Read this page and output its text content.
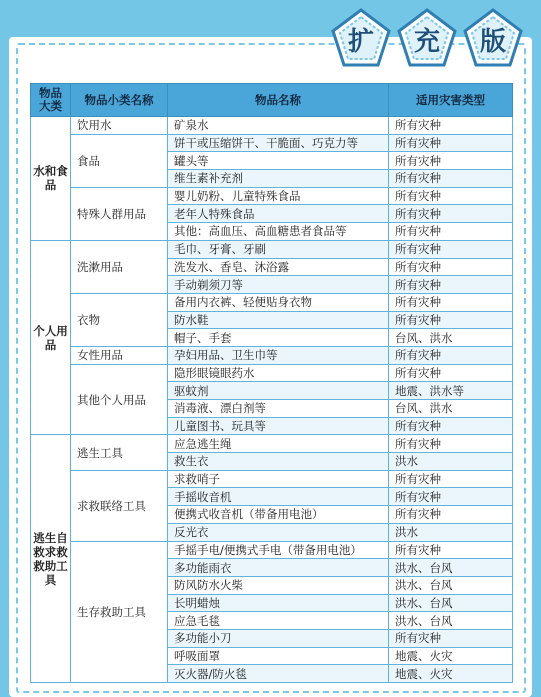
扩	充	版
物品大类	物品小类名称	物品名称	适用灾害类型
水和食品	饮用水	矿泉水	所有灾种
	食品	饼干或压缩饼干、干脆面、巧克力等	所有灾种
		罐头等	所有灾种
		维生素补充剂	所有灾种
	特殊人群用品	婴儿奶粉、儿童特殊食品	所有灾种
		老年人特殊食品	所有灾种
		其他：高血压、高血糖患者食品等	所有灾种
个人用品	洗漱用品	毛巾、牙膏、牙刷	所有灾种
		洗发水、香皂、沐浴露	所有灾种
		手动剃须刀等	所有灾种
	衣物	备用内衣裤、轻便贴身衣物	所有灾种
		防水鞋	所有灾种
		帽子、手套	台风、洪水
	女性用品	孕妇用品、卫生巾等	所有灾种
	其他个人用品	隐形眼镜眼药水	所有灾种
		驱蚊剂	地震、洪水等
		消毒液、漂白剂等	台风、洪水
		儿童图书、玩具等	所有灾种
逃生自救求救救助工具	逃生工具	应急逃生绳	所有灾种
		救生衣	洪水
	求救联络工具	求救哨子	所有灾种
		手摇收音机	所有灾种
		便携式收音机（带备用电池）	所有灾种
		反光衣	洪水
	生存救助工具	手摇手电/便携式手电（带备用电池）	所有灾种
		多功能雨衣	洪水、台风
		防风防水火柴	洪水、台风
		长明蜡烛	洪水、台风
		应急毛毯	洪水、台风
		多功能小刀	所有灾种
		呼吸面罩	地震、火灾
		灭火器/防火毯	地震、火灾
